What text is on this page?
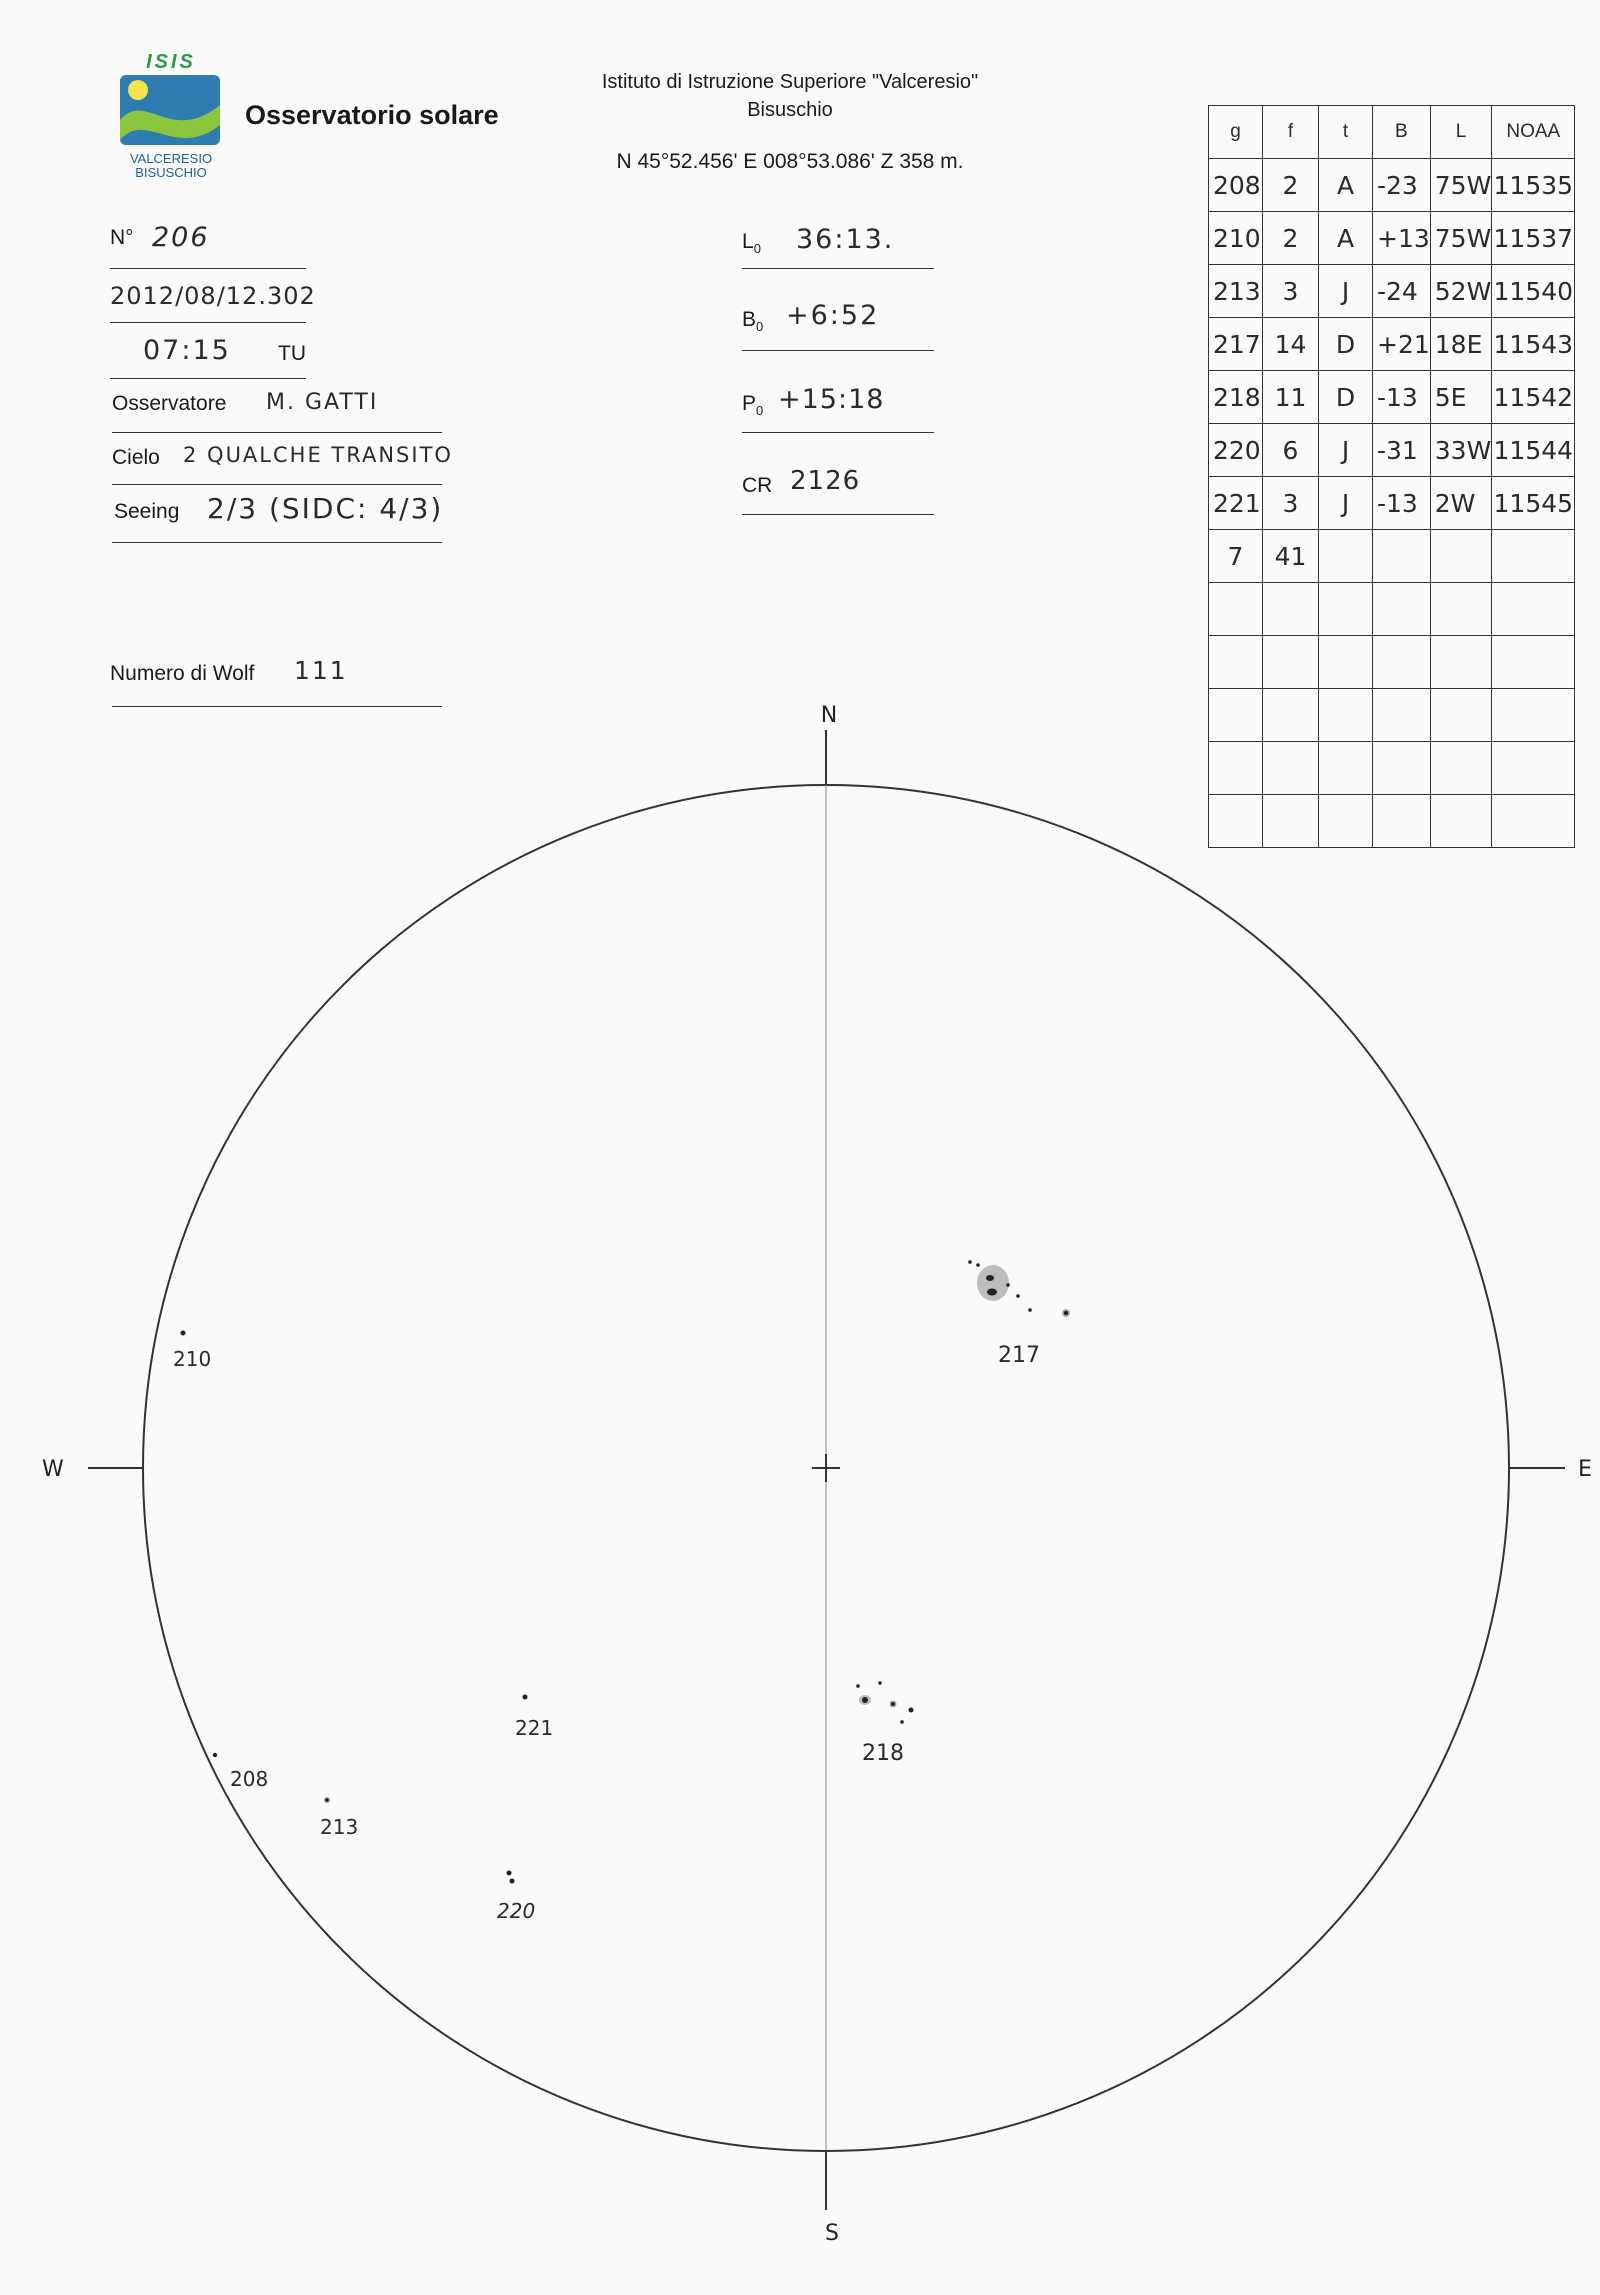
ISIS
VALCERESIO
BISUSCHIO
Osservatorio solare
Istituto di Istruzione Superiore "Valceresio"
Bisuschio
N 45°52.456' E 008°53.086' Z 358 m.
N° 206
2012/08/12.302
07:15 TU
Osservatore M. GATTI
Cielo 2 QUALCHE TRANSITO
Seeing 2/3 (SIDC: 4/3)
Numero di Wolf 111
$L_0$ 36:13.
$B_0$ +6:52
$P_0$ +15:18
CR 2126
g	f	t	B	L	NOAA
208	2	A	-23	75W	11535
210	2	A	+13	75W	11537
213	3	J	-24	52W	11540
217	14	D	+21	18E	11543
218	11	D	-13	5E	11542
220	6	J	-31	33W	11544
221	3	J	-13	2W	11545
7	41				

N
S
E
W
210	217
218
221
208
213
220
